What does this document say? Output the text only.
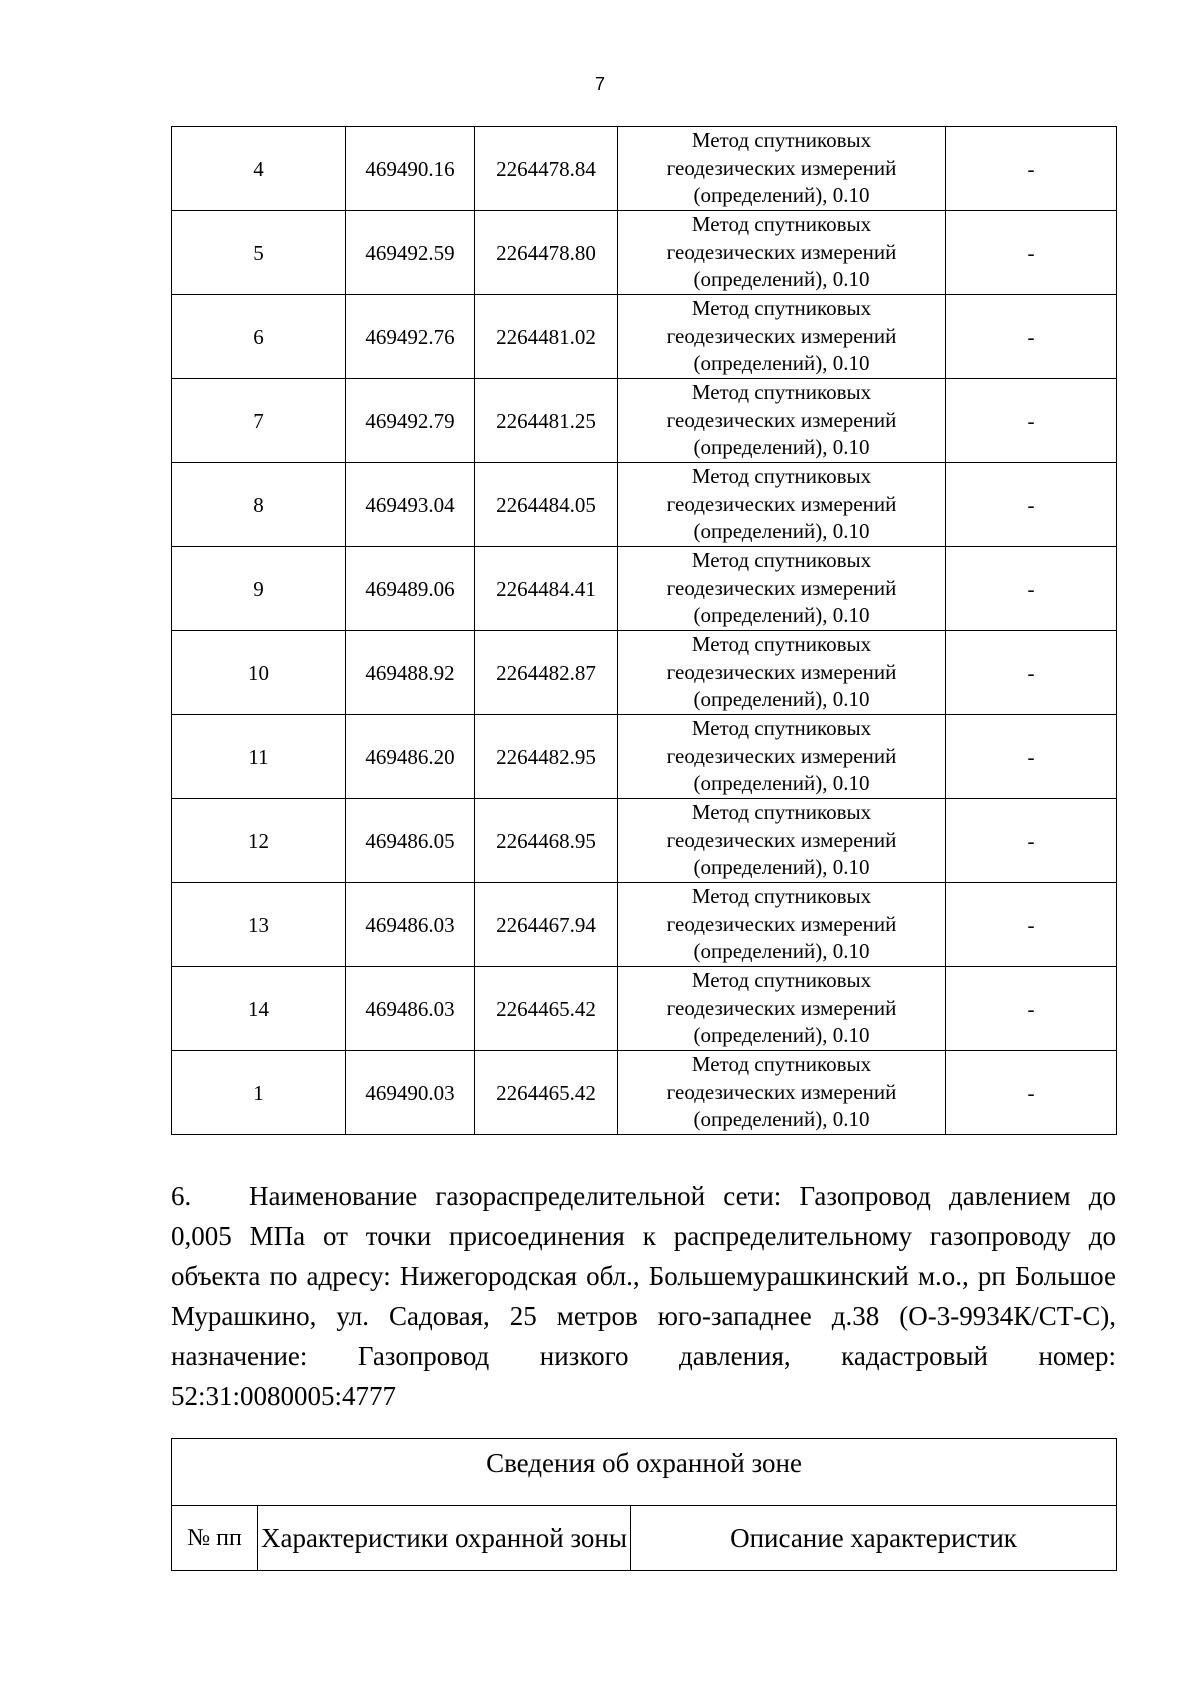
7
4	469490.16	2264478.84	Метод спутниковых
геодезических измерений
(определений), 0.10	-
5	469492.59	2264478.80	Метод спутниковых
геодезических измерений
(определений), 0.10	-
6	469492.76	2264481.02	Метод спутниковых
геодезических измерений
(определений), 0.10	-
7	469492.79	2264481.25	Метод спутниковых
геодезических измерений
(определений), 0.10	-
8	469493.04	2264484.05	Метод спутниковых
геодезических измерений
(определений), 0.10	-
9	469489.06	2264484.41	Метод спутниковых
геодезических измерений
(определений), 0.10	-
10	469488.92	2264482.87	Метод спутниковых
геодезических измерений
(определений), 0.10	-
11	469486.20	2264482.95	Метод спутниковых
геодезических измерений
(определений), 0.10	-
12	469486.05	2264468.95	Метод спутниковых
геодезических измерений
(определений), 0.10	-
13	469486.03	2264467.94	Метод спутниковых
геодезических измерений
(определений), 0.10	-
14	469486.03	2264465.42	Метод спутниковых
геодезических измерений
(определений), 0.10	-
1	469490.03	2264465.42	Метод спутниковых
геодезических измерений
(определений), 0.10	-

6. Наименование газораспределительной сети: Газопровод давлением до 0,005 МПа от точки присоединения к распределительному газопроводу до объекта по адресу: Нижегородская обл., Большемурашкинский м.о., рп Большое Мурашкино, ул. Садовая, 25 метров юго-западнее д.38 (О-3-9934К/СТ-С), назначение: Газопровод низкого давления, кадастровый номер: 52:31:0080005:4777

Сведения об охранной зоне
№ пп	Характеристики охранной зоны	Описание характеристик
